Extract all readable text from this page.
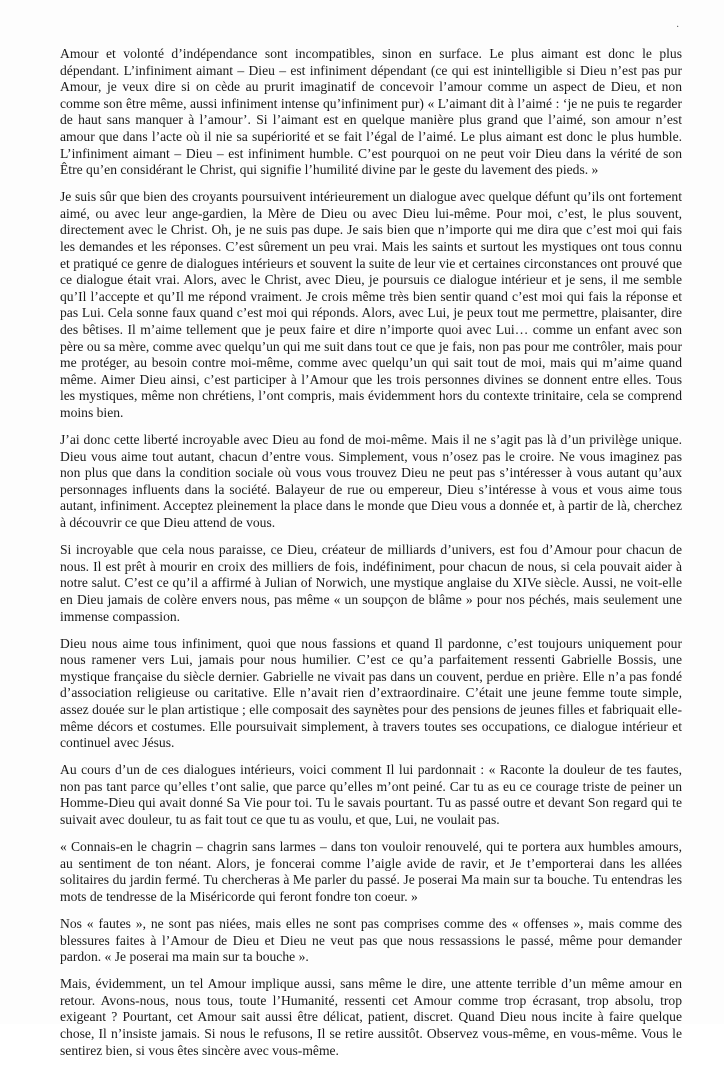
·

Amour et volonté d’indépendance sont incompatibles, sinon en surface. Le plus aimant est donc le plus dépendant. L’infiniment aimant – Dieu – est infiniment dépendant (ce qui est inintelligible si Dieu n’est pas pur Amour, je veux dire si on cède au prurit imaginatif de concevoir l’amour comme un aspect de Dieu, et non comme son être même, aussi infiniment intense qu’infiniment pur) « L’aimant dit à l’aimé : ‘je ne puis te regarder de haut sans manquer à l’amour’. Si l’aimant est en quelque manière plus grand que l’aimé, son amour n’est amour que dans l’acte où il nie sa supériorité et se fait l’égal de l’aimé. Le plus aimant est donc le plus humble. L’infiniment aimant – Dieu – est infiniment humble. C’est pourquoi on ne peut voir Dieu dans la vérité de son Être qu’en considérant le Christ, qui signifie l’humilité divine par le geste du lavement des pieds. »

Je suis sûr que bien des croyants poursuivent intérieurement un dialogue avec quelque défunt qu’ils ont fortement aimé, ou avec leur ange-gardien, la Mère de Dieu ou avec Dieu lui-même. Pour moi, c’est, le plus souvent, directement avec le Christ. Oh, je ne suis pas dupe. Je sais bien que n’importe qui me dira que c’est moi qui fais les demandes et les réponses. C’est sûrement un peu vrai. Mais les saints et surtout les mystiques ont tous connu et pratiqué ce genre de dialogues intérieurs et souvent la suite de leur vie et certaines circonstances ont prouvé que ce dialogue était vrai. Alors, avec le Christ, avec Dieu, je poursuis ce dialogue intérieur et je sens, il me semble qu’Il l’accepte et qu’Il me répond vraiment. Je crois même très bien sentir quand c’est moi qui fais la réponse et pas Lui. Cela sonne faux quand c’est moi qui réponds. Alors, avec Lui, je peux tout me permettre, plaisanter, dire des bêtises. Il m’aime tellement que je peux faire et dire n’importe quoi avec Lui… comme un enfant avec son père ou sa mère, comme avec quelqu’un qui me suit dans tout ce que je fais, non pas pour me contrôler, mais pour me protéger, au besoin contre moi-même, comme avec quelqu’un qui sait tout de moi, mais qui m’aime quand même. Aimer Dieu ainsi, c’est participer à l’Amour que les trois personnes divines se donnent entre elles. Tous les mystiques, même non chrétiens, l’ont compris, mais évidemment hors du contexte trinitaire, cela se comprend moins bien.

J’ai donc cette liberté incroyable avec Dieu au fond de moi-même. Mais il ne s’agit pas là d’un privilège unique. Dieu vous aime tout autant, chacun d’entre vous. Simplement, vous n’osez pas le croire. Ne vous imaginez pas non plus que dans la condition sociale où vous vous trouvez Dieu ne peut pas s’intéresser à vous autant qu’aux personnages influents dans la société. Balayeur de rue ou empereur, Dieu s’intéresse à vous et vous aime tous autant, infiniment. Acceptez pleinement la place dans le monde que Dieu vous a donnée et, à partir de là, cherchez à découvrir ce que Dieu attend de vous.

Si incroyable que cela nous paraisse, ce Dieu, créateur de milliards d’univers, est fou d’Amour pour chacun de nous. Il est prêt à mourir en croix des milliers de fois, indéfiniment, pour chacun de nous, si cela pouvait aider à notre salut. C’est ce qu’il a affirmé à Julian of Norwich, une mystique anglaise du XIVe siècle. Aussi, ne voit-elle en Dieu jamais de colère envers nous, pas même « un soupçon de blâme » pour nos péchés, mais seulement une immense compassion.

Dieu nous aime tous infiniment, quoi que nous fassions et quand Il pardonne, c’est toujours uniquement pour nous ramener vers Lui, jamais pour nous humilier. C’est ce qu’a parfaitement ressenti Gabrielle Bossis, une mystique française du siècle dernier. Gabrielle ne vivait pas dans un couvent, perdue en prière. Elle n’a pas fondé d’association religieuse ou caritative. Elle n’avait rien d’extraordinaire. C’était une jeune femme toute simple, assez douée sur le plan artistique ; elle composait des saynètes pour des pensions de jeunes filles et fabriquait elle-même décors et costumes. Elle poursuivait simplement, à travers toutes ses occupations, ce dialogue intérieur et continuel avec Jésus.

Au cours d’un de ces dialogues intérieurs, voici comment Il lui pardonnait : « Raconte la douleur de tes fautes, non pas tant parce qu’elles t’ont salie, que parce qu’elles m’ont peiné. Car tu as eu ce courage triste de peiner un Homme-Dieu qui avait donné Sa Vie pour toi. Tu le savais pourtant. Tu as passé outre et devant Son regard qui te suivait avec douleur, tu as fait tout ce que tu as voulu, et que, Lui, ne voulait pas.

« Connais-en le chagrin – chagrin sans larmes – dans ton vouloir renouvelé, qui te portera aux humbles amours, au sentiment de ton néant. Alors, je foncerai comme l’aigle avide de ravir, et Je t’emporterai dans les allées solitaires du jardin fermé. Tu chercheras à Me parler du passé. Je poserai Ma main sur ta bouche. Tu entendras les mots de tendresse de la Miséricorde qui feront fondre ton coeur. »

Nos « fautes », ne sont pas niées, mais elles ne sont pas comprises comme des « offenses », mais comme des blessures faites à l’Amour de Dieu et Dieu ne veut pas que nous ressassions le passé, même pour demander pardon. « Je poserai ma main sur ta bouche ».

Mais, évidemment, un tel Amour implique aussi, sans même le dire, une attente terrible d’un même amour en retour. Avons-nous, nous tous, toute l’Humanité, ressenti cet Amour comme trop écrasant, trop absolu, trop exigeant ? Pourtant, cet Amour sait aussi être délicat, patient, discret. Quand Dieu nous incite à faire quelque chose, Il n’insiste jamais. Si nous le refusons, Il se retire aussitôt. Observez vous-même, en vous-même. Vous le sentirez bien, si vous êtes sincère avec vous-même.
